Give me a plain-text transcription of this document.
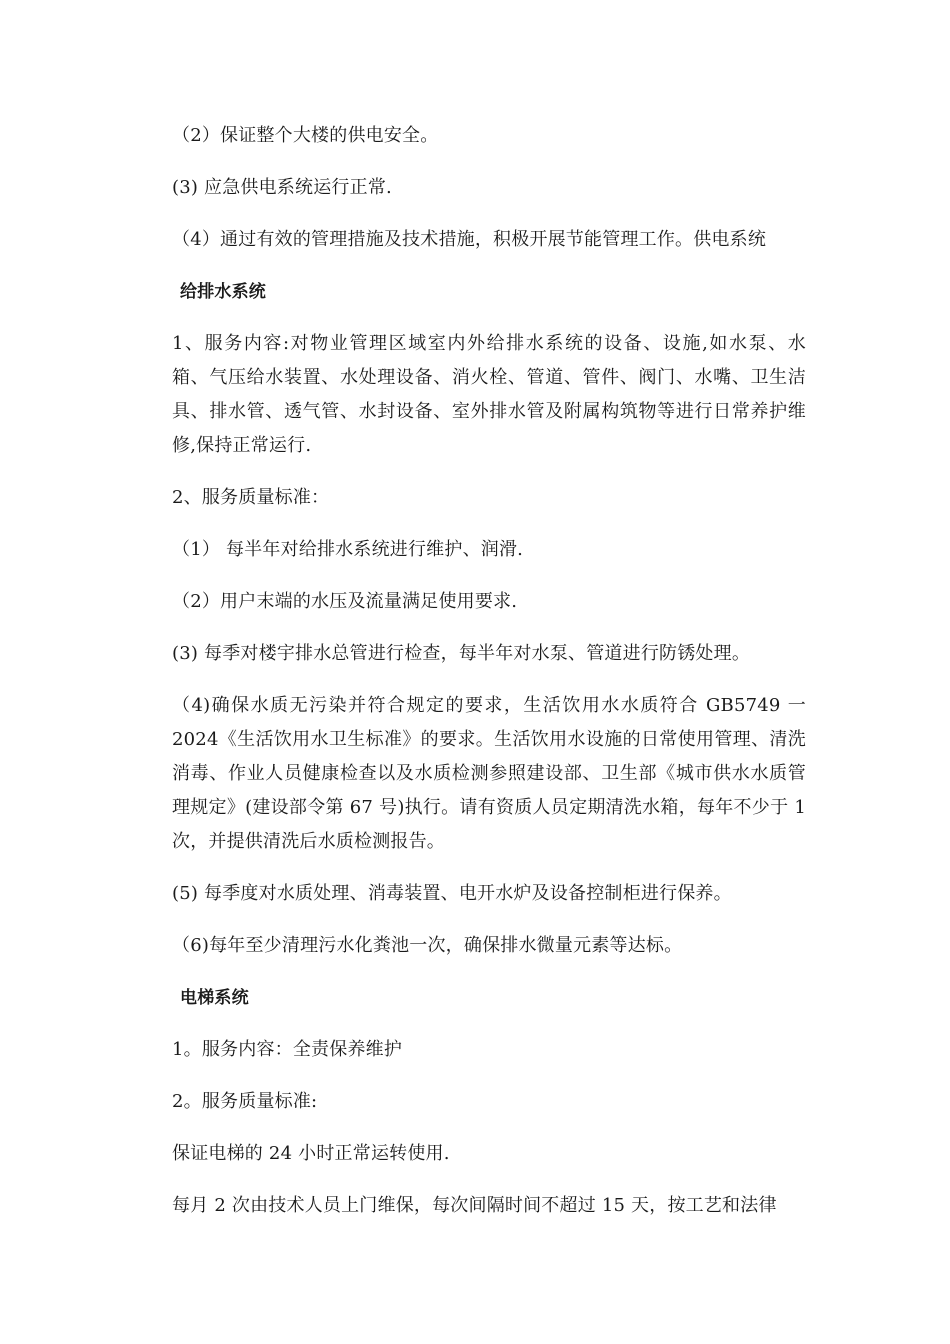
（2）保证整个大楼的供电安全。
(3) 应急供电系统运行正常.
（4）通过有效的管理措施及技术措施，积极开展节能管理工作。供电系统
给排水系统
1、服务内容:对物业管理区域室内外给排水系统的设备、设施,如水泵、水
箱、气压给水装置、水处理设备、消火栓、管道、管件、阀门、水嘴、卫生洁
具、排水管、透气管、水封设备、室外排水管及附属构筑物等进行日常养护维
修,保持正常运行.
2、服务质量标准：
（1） 每半年对给排水系统进行维护、润滑.
（2）用户末端的水压及流量满足使用要求.
(3) 每季对楼宇排水总管进行检查，每半年对水泵、管道进行防锈处理。
（4)确保水质无污染并符合规定的要求，生活饮用水水质符合 GB5749 一
2024《生活饮用水卫生标准》的要求。生活饮用水设施的日常使用管理、清洗
消毒、作业人员健康检查以及水质检测参照建设部、卫生部《城市供水水质管
理规定》(建设部令第 67 号)执行。请有资质人员定期清洗水箱，每年不少于 1
次，并提供清洗后水质检测报告。
(5) 每季度对水质处理、消毒装置、电开水炉及设备控制柜进行保养。
（6)每年至少清理污水化粪池一次，确保排水微量元素等达标。
电梯系统
1。服务内容：全责保养维护
2。服务质量标准:
保证电梯的 24 小时正常运转使用.
每月 2 次由技术人员上门维保，每次间隔时间不超过 15 天，按工艺和法律
